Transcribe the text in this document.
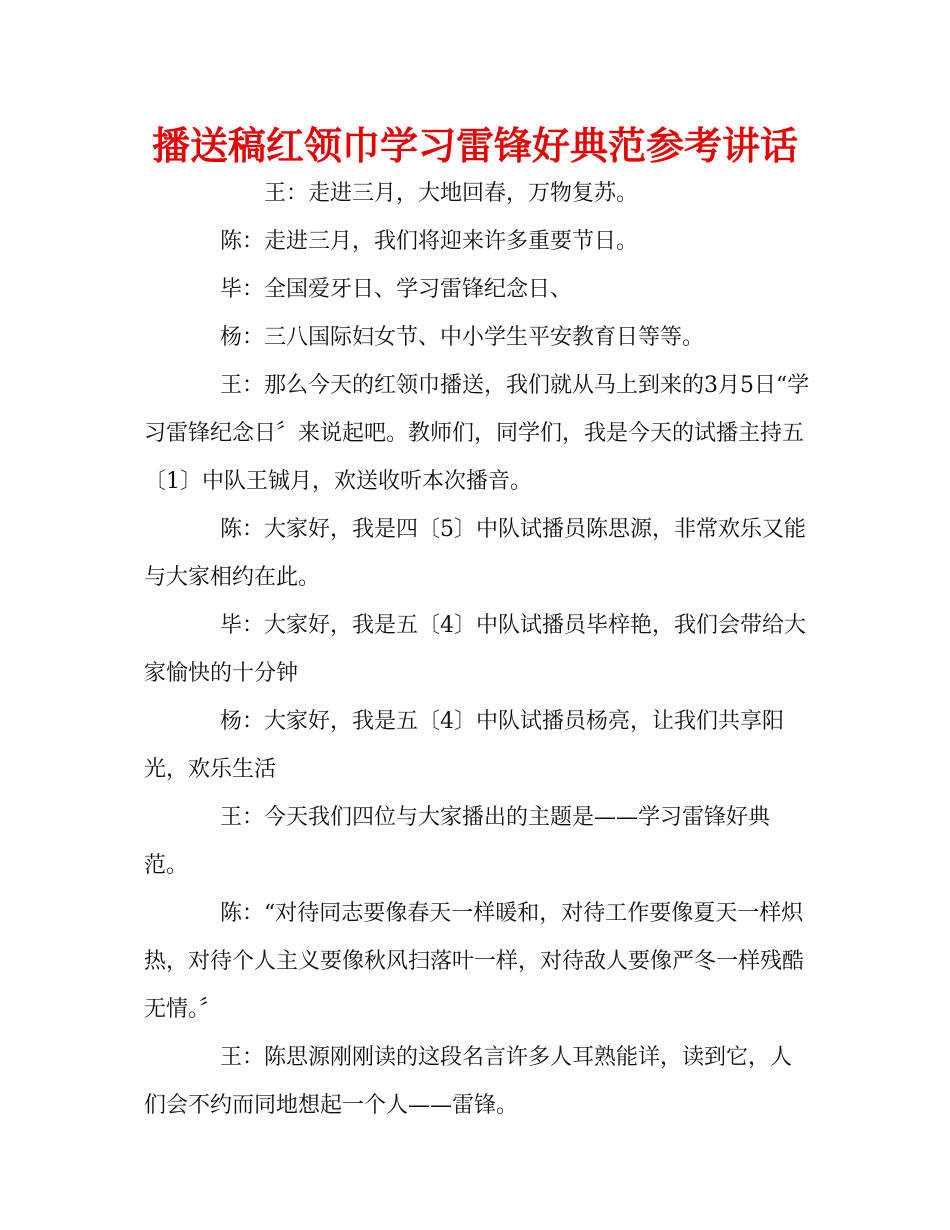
播送稿红领巾学习雷锋好典范参考讲话

王：走进三月，大地回春，万物复苏。

陈：走进三月，我们将迎来许多重要节日。

毕：全国爱牙日、学习雷锋纪念日、

杨：三八国际妇女节、中小学生平安教育日等等。

王：那么今天的红领巾播送，我们就从马上到来的3月5日“学习雷锋纪念日〞来说起吧。教师们，同学们，我是今天的试播主持五〔1〕中队王铖月，欢送收听本次播音。

陈：大家好，我是四〔5〕中队试播员陈思源，非常欢乐又能与大家相约在此。

毕：大家好，我是五〔4〕中队试播员毕梓艳，我们会带给大家愉快的十分钟

杨：大家好，我是五〔4〕中队试播员杨亮，让我们共享阳光，欢乐生活

王：今天我们四位与大家播出的主题是——学习雷锋好典范。

陈：“对待同志要像春天一样暖和，对待工作要像夏天一样炽热，对待个人主义要像秋风扫落叶一样，对待敌人要像严冬一样残酷无情。〞

王：陈思源刚刚读的这段名言许多人耳熟能详，读到它，人们会不约而同地想起一个人——雷锋。
